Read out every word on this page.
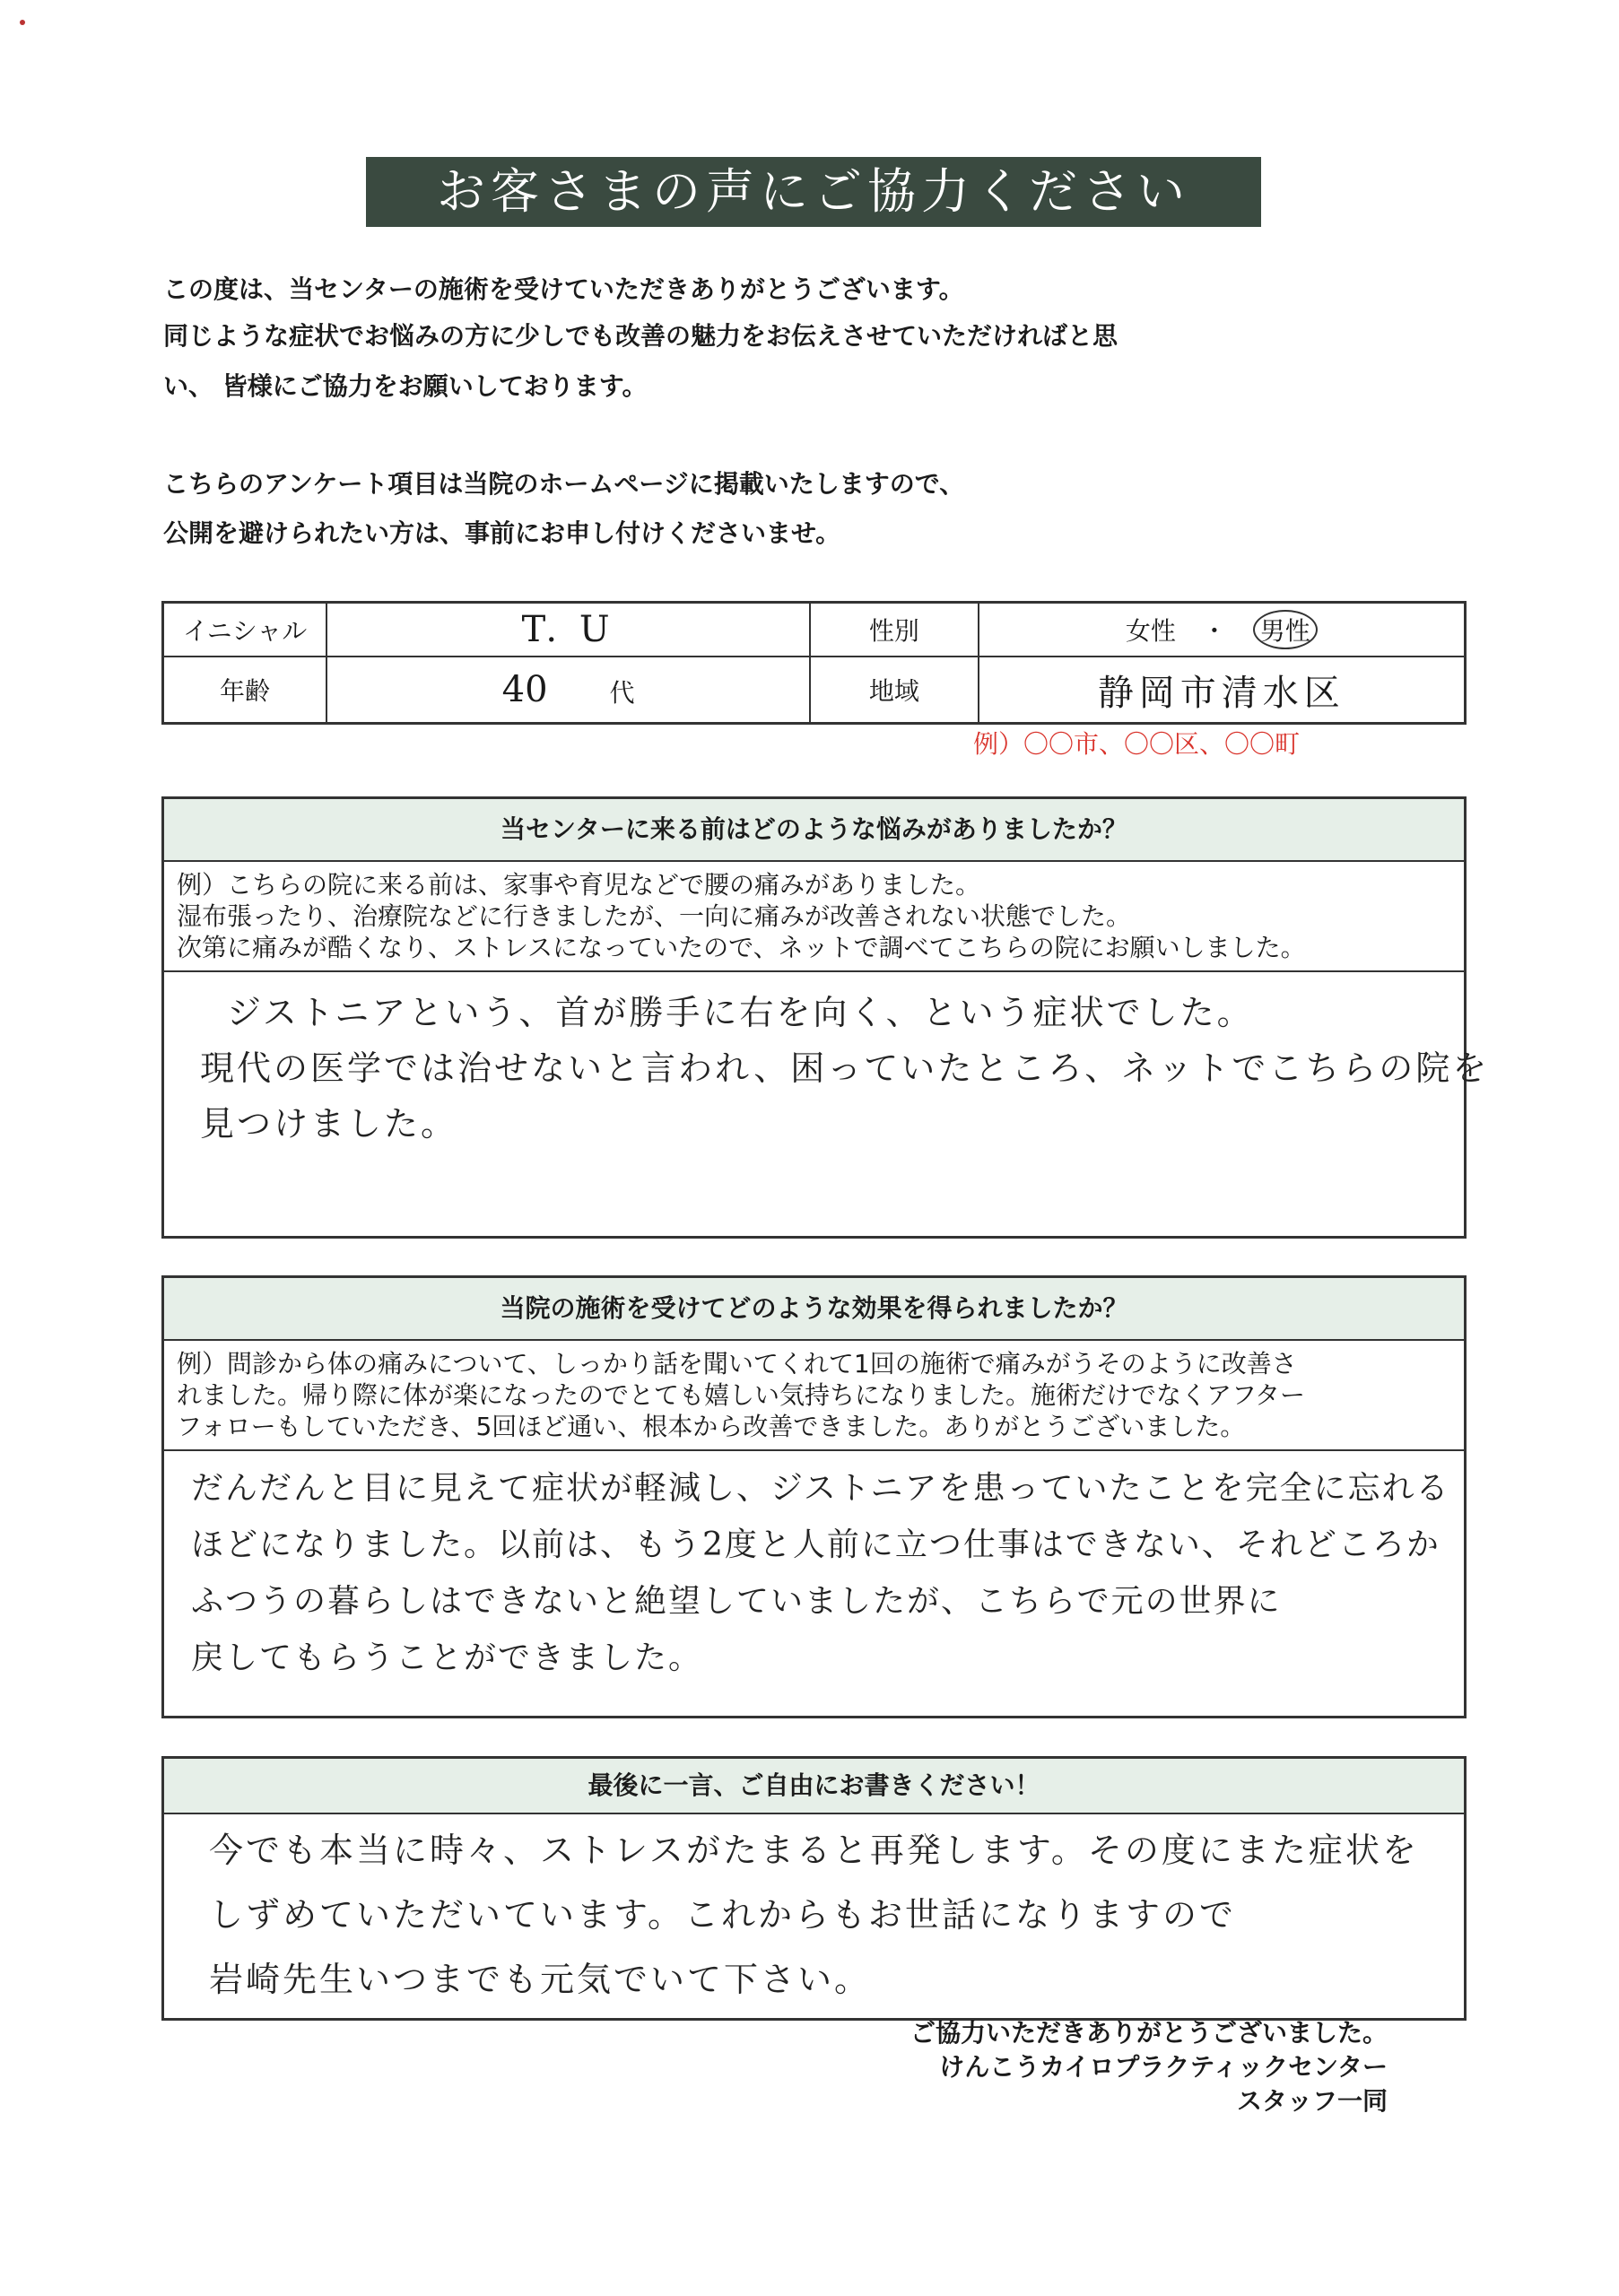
お客さまの声にご協力ください
この度は、当センターの施術を受けていただきありがとうございます。
同じような症状でお悩みの方に少しでも改善の魅力をお伝えさせていただければと思
い、 皆様にご協力をお願いしております。
こちらのアンケート項目は当院のホームページに掲載いたしますので、
公開を避けられたい方は、事前にお申し付けくださいませ。
イニシャル	T. U	性別	女性 ・ 男性
年齢	40 代	地域	静岡市清水区
例）〇〇市、〇〇区、〇〇町
当センターに来る前はどのような悩みがありましたか？
例）こちらの院に来る前は、家事や育児などで腰の痛みがありました。
湿布張ったり、治療院などに行きましたが、一向に痛みが改善されない状態でした。
次第に痛みが酷くなり、ストレスになっていたので、ネットで調べてこちらの院にお願いしました。
ジストニアという、首が勝手に右を向く、という症状でした。
現代の医学では治せないと言われ、困っていたところ、ネットでこちらの院を
見つけました。
当院の施術を受けてどのような効果を得られましたか？
例）問診から体の痛みについて、しっかり話を聞いてくれて1回の施術で痛みがうそのように改善さ
れました。帰り際に体が楽になったのでとても嬉しい気持ちになりました。施術だけでなくアフター
フォローもしていただき、5回ほど通い、根本から改善できました。ありがとうございました。
だんだんと目に見えて症状が軽減し、ジストニアを患っていたことを完全に忘れる
ほどになりました。以前は、もう2度と人前に立つ仕事はできない、それどころか
ふつうの暮らしはできないと絶望していましたが、こちらで元の世界に
戻してもらうことができました。
最後に一言、ご自由にお書きください！
今でも本当に時々、ストレスがたまると再発します。その度にまた症状を
しずめていただいています。これからもお世話になりますので
岩崎先生いつまでも元気でいて下さい。
ご協力いただきありがとうございました。
けんこうカイロプラクティックセンター
スタッフ一同
